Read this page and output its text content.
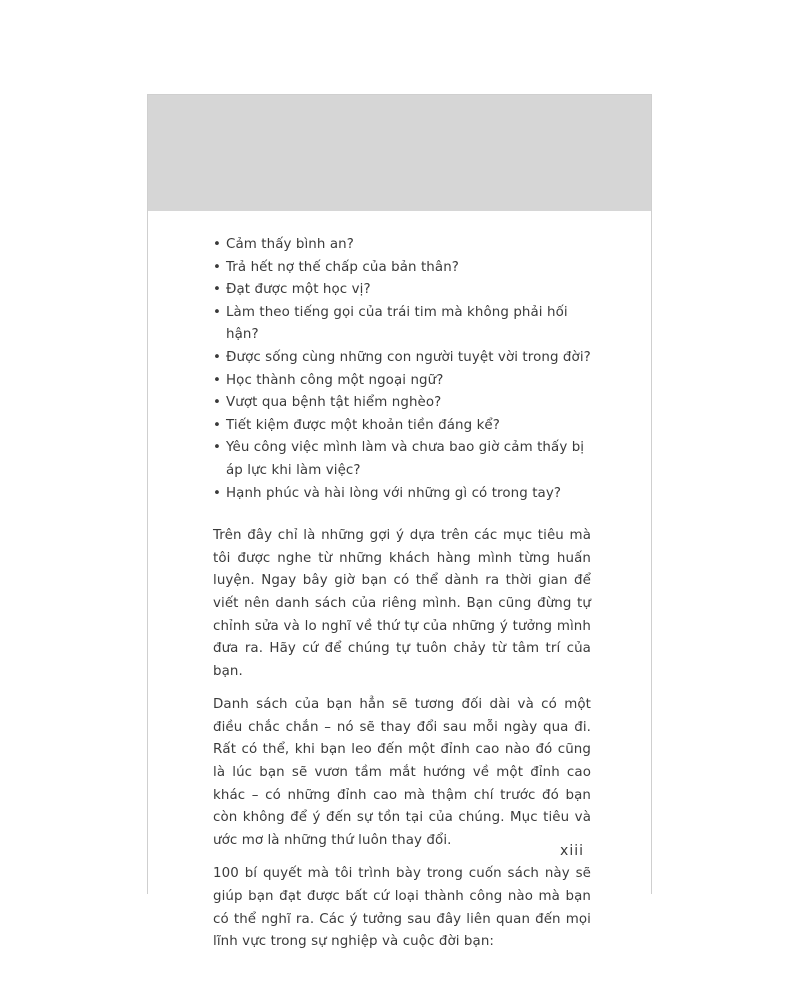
• Cảm thấy bình an?
• Trả hết nợ thế chấp của bản thân?
• Đạt được một học vị?
• Làm theo tiếng gọi của trái tim mà không phải hối hận?
• Được sống cùng những con người tuyệt vời trong đời?
• Học thành công một ngoại ngữ?
• Vượt qua bệnh tật hiểm nghèo?
• Tiết kiệm được một khoản tiền đáng kể?
• Yêu công việc mình làm và chưa bao giờ cảm thấy bị áp lực khi làm việc?
• Hạnh phúc và hài lòng với những gì có trong tay?

Trên đây chỉ là những gợi ý dựa trên các mục tiêu mà tôi được nghe từ những khách hàng mình từng huấn luyện. Ngay bây giờ bạn có thể dành ra thời gian để viết nên danh sách của riêng mình. Bạn cũng đừng tự chỉnh sửa và lo nghĩ về thứ tự của những ý tưởng mình đưa ra. Hãy cứ để chúng tự tuôn chảy từ tâm trí của bạn.

Danh sách của bạn hẳn sẽ tương đối dài và có một điều chắc chắn – nó sẽ thay đổi sau mỗi ngày qua đi. Rất có thể, khi bạn leo đến một đỉnh cao nào đó cũng là lúc bạn sẽ vươn tầm mắt hướng về một đỉnh cao khác – có những đỉnh cao mà thậm chí trước đó bạn còn không để ý đến sự tồn tại của chúng. Mục tiêu và ước mơ là những thứ luôn thay đổi.

100 bí quyết mà tôi trình bày trong cuốn sách này sẽ giúp bạn đạt được bất cứ loại thành công nào mà bạn có thể nghĩ ra. Các ý tưởng sau đây liên quan đến mọi lĩnh vực trong sự nghiệp và cuộc đời bạn:

xiii
